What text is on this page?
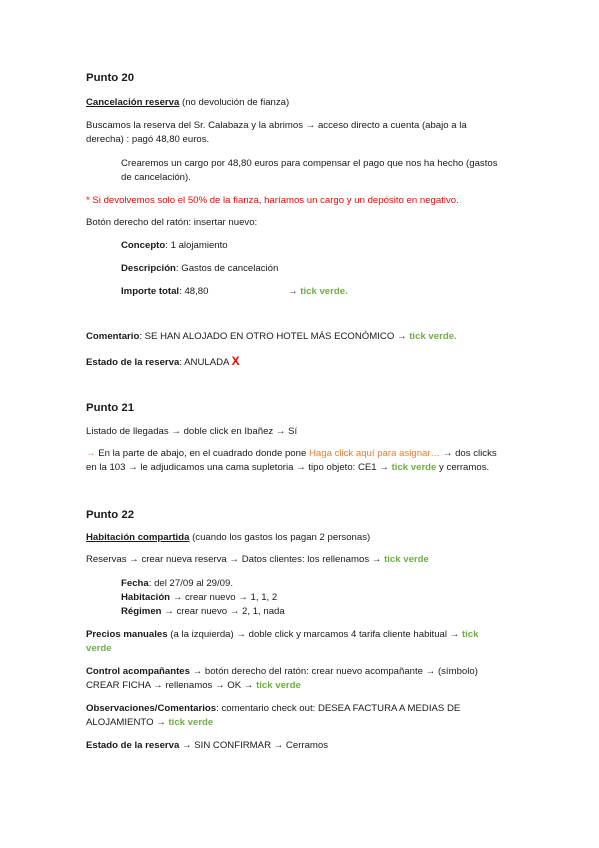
Punto 20
Cancelación reserva (no devolución de fianza)
Buscamos la reserva del Sr. Calabaza y la abrimos → acceso directo a cuenta (abajo a la
derecha) : pagó 48,80 euros.
Crearemos un cargo por 48,80 euros para compensar el pago que nos ha hecho (gastos
de cancelación).
* Si devolvemos solo el 50% de la fianza, haríamos un cargo y un depósito en negativo.
Botón derecho del ratón: insertar nuevo:
Concepto: 1 alojamiento
Descripción: Gastos de cancelación
Importe total: 48,80	→ tick verde.
Comentario: SE HAN ALOJADO EN OTRO HOTEL MÁS ECONÓMICO → tick verde.
Estado de la reserva: ANULADA X
Punto 21
Listado de llegadas → doble click en Ibañez → Sí
→ En la parte de abajo, en el cuadrado donde pone Haga click aquí para asignar… → dos clicks
en la 103 → le adjudicamos una cama supletoria → tipo objeto: CE1 → tick verde y cerramos.
Punto 22
Habitación compartida (cuando los gastos los pagan 2 personas)
Reservas → crear nueva reserva → Datos clientes: los rellenamos → tick verde
Fecha: del 27/09 al 29/09.
Habitación → crear nuevo → 1, 1, 2
Régimen → crear nuevo → 2, 1, nada
Precios manuales (a la izquierda) → doble click y marcamos 4 tarifa cliente habitual → tick
verde
Control acompañantes → botón derecho del ratón: crear nuevo acompañante → (símbolo)
CREAR FICHA → rellenamos → OK → tick verde
Observaciones/Comentarios: comentario check out: DESEA FACTURA A MEDIAS DE
ALOJAMIENTO → tick verde
Estado de la reserva → SIN CONFIRMAR → Cerramos
